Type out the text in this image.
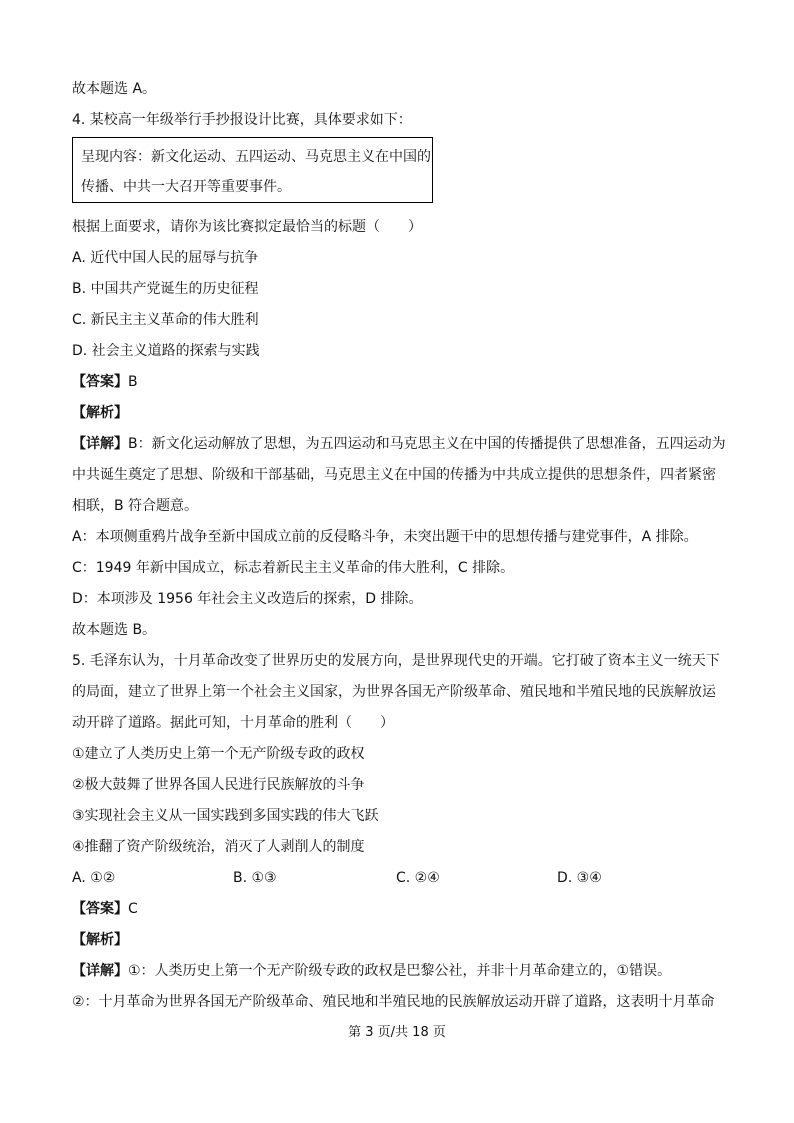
故本题选 A。
4. 某校高一年级举行手抄报设计比赛，具体要求如下：
呈现内容：新文化运动、五四运动、马克思主义在中国的
传播、中共一大召开等重要事件。
根据上面要求，请你为该比赛拟定最恰当的标题（　　）
A. 近代中国人民的屈辱与抗争
B. 中国共产党诞生的历史征程
C. 新民主主义革命的伟大胜利
D. 社会主义道路的探索与实践
【答案】B
【解析】
【详解】B：新文化运动解放了思想，为五四运动和马克思主义在中国的传播提供了思想准备，五四运动为
中共诞生奠定了思想、阶级和干部基础，马克思主义在中国的传播为中共成立提供的思想条件，四者紧密
相联，B 符合题意。
A：本项侧重鸦片战争至新中国成立前的反侵略斗争，未突出题干中的思想传播与建党事件，A 排除。
C：1949 年新中国成立，标志着新民主主义革命的伟大胜利，C 排除。
D：本项涉及 1956 年社会主义改造后的探索，D 排除。
故本题选 B。
5. 毛泽东认为，十月革命改变了世界历史的发展方向，是世界现代史的开端。它打破了资本主义一统天下
的局面，建立了世界上第一个社会主义国家，为世界各国无产阶级革命、殖民地和半殖民地的民族解放运
动开辟了道路。据此可知，十月革命的胜利（　　）
①建立了人类历史上第一个无产阶级专政的政权
②极大鼓舞了世界各国人民进行民族解放的斗争
③实现社会主义从一国实践到多国实践的伟大飞跃
④推翻了资产阶级统治，消灭了人剥削人的制度
A. ①②	B. ①③	C. ②④	D. ③④
【答案】C
【解析】
【详解】①：人类历史上第一个无产阶级专政的政权是巴黎公社，并非十月革命建立的，①错误。
②：十月革命为世界各国无产阶级革命、殖民地和半殖民地的民族解放运动开辟了道路，这表明十月革命
第 3 页/共 18 页
